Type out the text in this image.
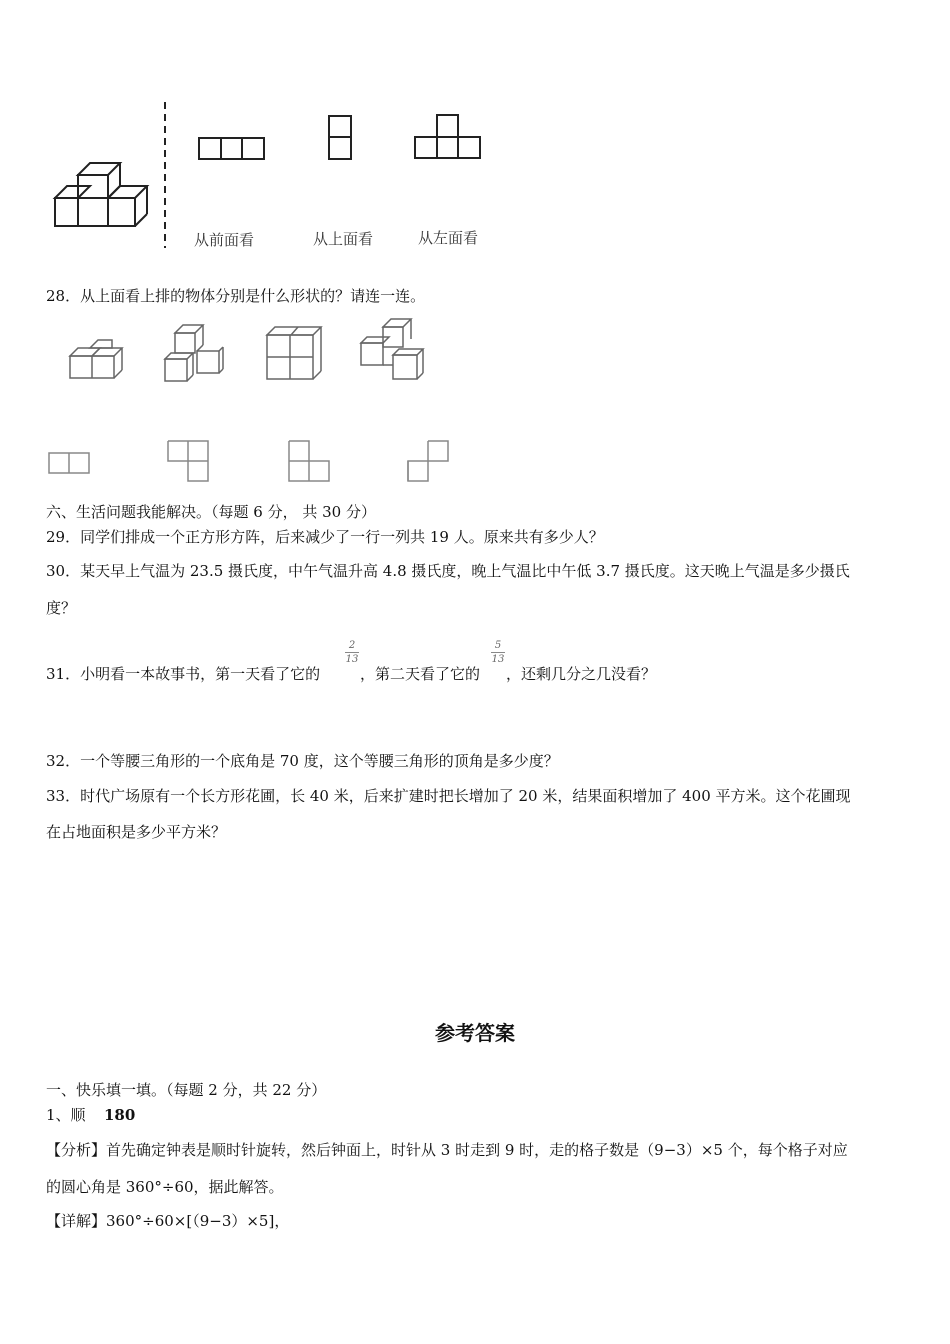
从前面看	从上面看	从左面看
28．从上面看上排的物体分别是什么形状的？请连一连。
六、生活问题我能解决。（每题 6 分， 共 30 分）
29．同学们排成一个正方形方阵，后来减少了一行一列共 19 人。原来共有多少人？
30．某天早上气温为 23.5 摄氏度，中午气温升高 4.8 摄氏度，晚上气温比中午低 3.7 摄氏度。这天晚上气温是多少摄氏
度？
31．小明看一本故事书，第一天看了它的
2
13
，第二天看了它的
5
13
，还剩几分之几没看？
32．一个等腰三角形的一个底角是 70 度，这个等腰三角形的顶角是多少度？
33．时代广场原有一个长方形花圃，长 40 米，后来扩建时把长增加了 20 米，结果面积增加了 400 平方米。这个花圃现
在占地面积是多少平方米？
参考答案
一、快乐填一填。（每题 2 分，共 22 分）
1、顺 180
【分析】首先确定钟表是顺时针旋转，然后钟面上，时针从 3 时走到 9 时，走的格子数是（9−3）×5 个，每个格子对应
的圆心角是 360°÷60，据此解答。
【详解】360°÷60×[（9−3）×5]，
